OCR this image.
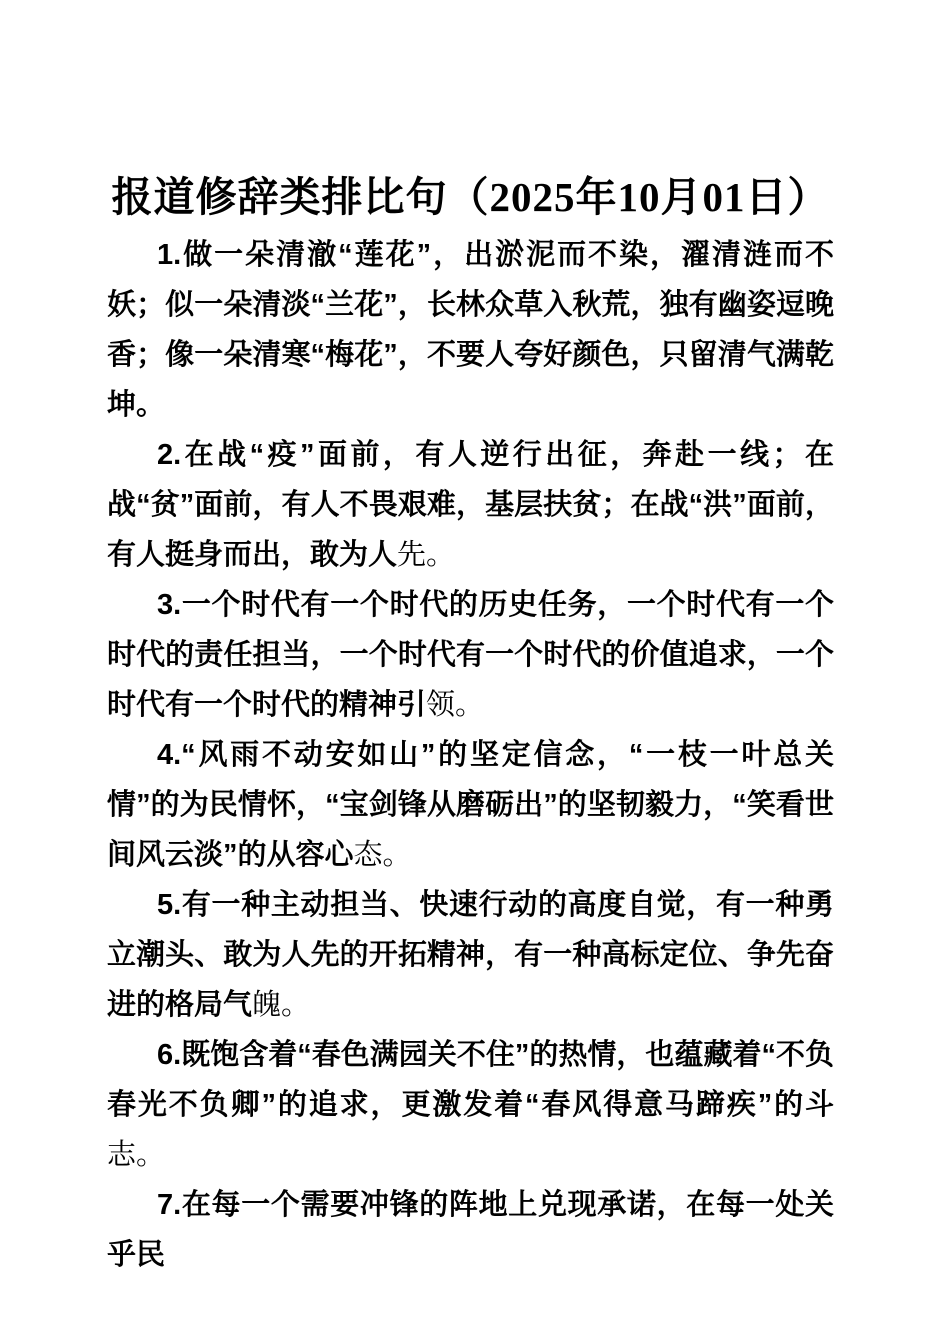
报道修辞类排比句（2025年10月01日）

1.做一朵清澈“莲花”，出淤泥而不染，濯清涟而不妖；似一朵清淡“兰花”，长林众草入秋荒，独有幽姿逗晚香；像一朵清寒“梅花”，不要人夸好颜色，只留清气满乾坤。

2.在战“疫”面前，有人逆行出征，奔赴一线；在战“贫”面前，有人不畏艰难，基层扶贫；在战“洪”面前，有人挺身而出，敢为人先。

3.一个时代有一个时代的历史任务，一个时代有一个时代的责任担当，一个时代有一个时代的价值追求，一个时代有一个时代的精神引领。

4.“风雨不动安如山”的坚定信念，“一枝一叶总关情”的为民情怀，“宝剑锋从磨砺出”的坚韧毅力，“笑看世间风云淡”的从容心态。

5.有一种主动担当、快速行动的高度自觉，有一种勇立潮头、敢为人先的开拓精神，有一种高标定位、争先奋进的格局气魄。

6.既饱含着“春色满园关不住”的热情，也蕴藏着“不负春光不负卿”的追求，更激发着“春风得意马蹄疾”的斗志。

7.在每一个需要冲锋的阵地上兑现承诺，在每一处关乎民
